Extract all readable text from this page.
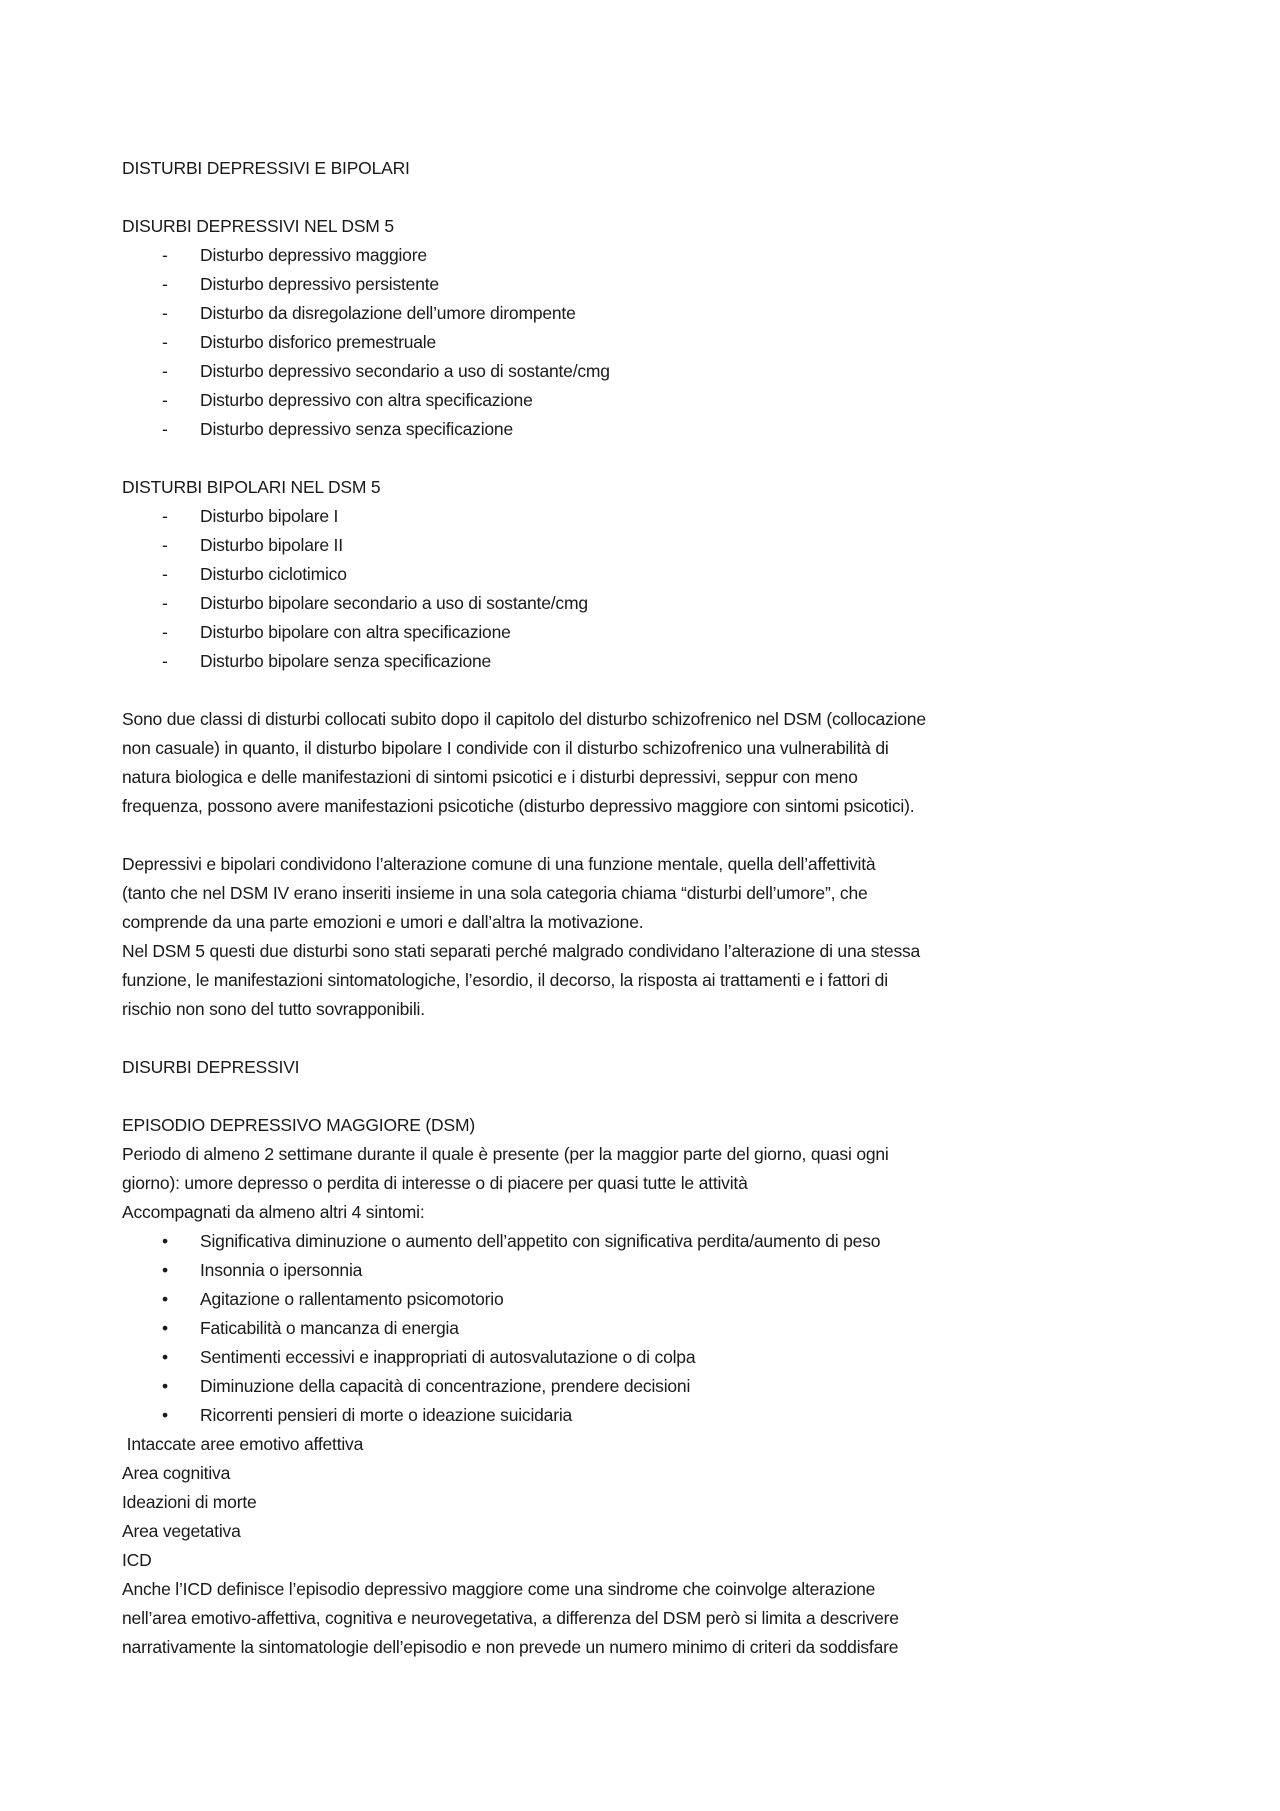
DISTURBI DEPRESSIVI E BIPOLARI
DISURBI DEPRESSIVI NEL DSM 5
- Disturbo depressivo maggiore
- Disturbo depressivo persistente
- Disturbo da disregolazione dell’umore dirompente
- Disturbo disforico premestruale
- Disturbo depressivo secondario a uso di sostante/cmg
- Disturbo depressivo con altra specificazione
- Disturbo depressivo senza specificazione
DISTURBI BIPOLARI NEL DSM 5
- Disturbo bipolare I
- Disturbo bipolare II
- Disturbo ciclotimico
- Disturbo bipolare secondario a uso di sostante/cmg
- Disturbo bipolare con altra specificazione
- Disturbo bipolare senza specificazione
Sono due classi di disturbi collocati subito dopo il capitolo del disturbo schizofrenico nel DSM (collocazione
non casuale) in quanto, il disturbo bipolare I condivide con il disturbo schizofrenico una vulnerabilità di
natura biologica e delle manifestazioni di sintomi psicotici e i disturbi depressivi, seppur con meno
frequenza, possono avere manifestazioni psicotiche (disturbo depressivo maggiore con sintomi psicotici).
Depressivi e bipolari condividono l’alterazione comune di una funzione mentale, quella dell’affettività
(tanto che nel DSM IV erano inseriti insieme in una sola categoria chiama “disturbi dell’umore”, che
comprende da una parte emozioni e umori e dall’altra la motivazione.
Nel DSM 5 questi due disturbi sono stati separati perché malgrado condividano l’alterazione di una stessa
funzione, le manifestazioni sintomatologiche, l’esordio, il decorso, la risposta ai trattamenti e i fattori di
rischio non sono del tutto sovrapponibili.
DISURBI DEPRESSIVI
EPISODIO DEPRESSIVO MAGGIORE (DSM)
Periodo di almeno 2 settimane durante il quale è presente (per la maggior parte del giorno, quasi ogni
giorno): umore depresso o perdita di interesse o di piacere per quasi tutte le attività
Accompagnati da almeno altri 4 sintomi:
• Significativa diminuzione o aumento dell’appetito con significativa perdita/aumento di peso
• Insonnia o ipersonnia
• Agitazione o rallentamento psicomotorio
• Faticabilità o mancanza di energia
• Sentimenti eccessivi e inappropriati di autosvalutazione o di colpa
• Diminuzione della capacità di concentrazione, prendere decisioni
• Ricorrenti pensieri di morte o ideazione suicidaria
Intaccate aree emotivo affettiva
Area cognitiva
Ideazioni di morte
Area vegetativa
ICD
Anche l’ICD definisce l’episodio depressivo maggiore come una sindrome che coinvolge alterazione
nell’area emotivo-affettiva, cognitiva e neurovegetativa, a differenza del DSM però si limita a descrivere
narrativamente la sintomatologie dell’episodio e non prevede un numero minimo di criteri da soddisfare
